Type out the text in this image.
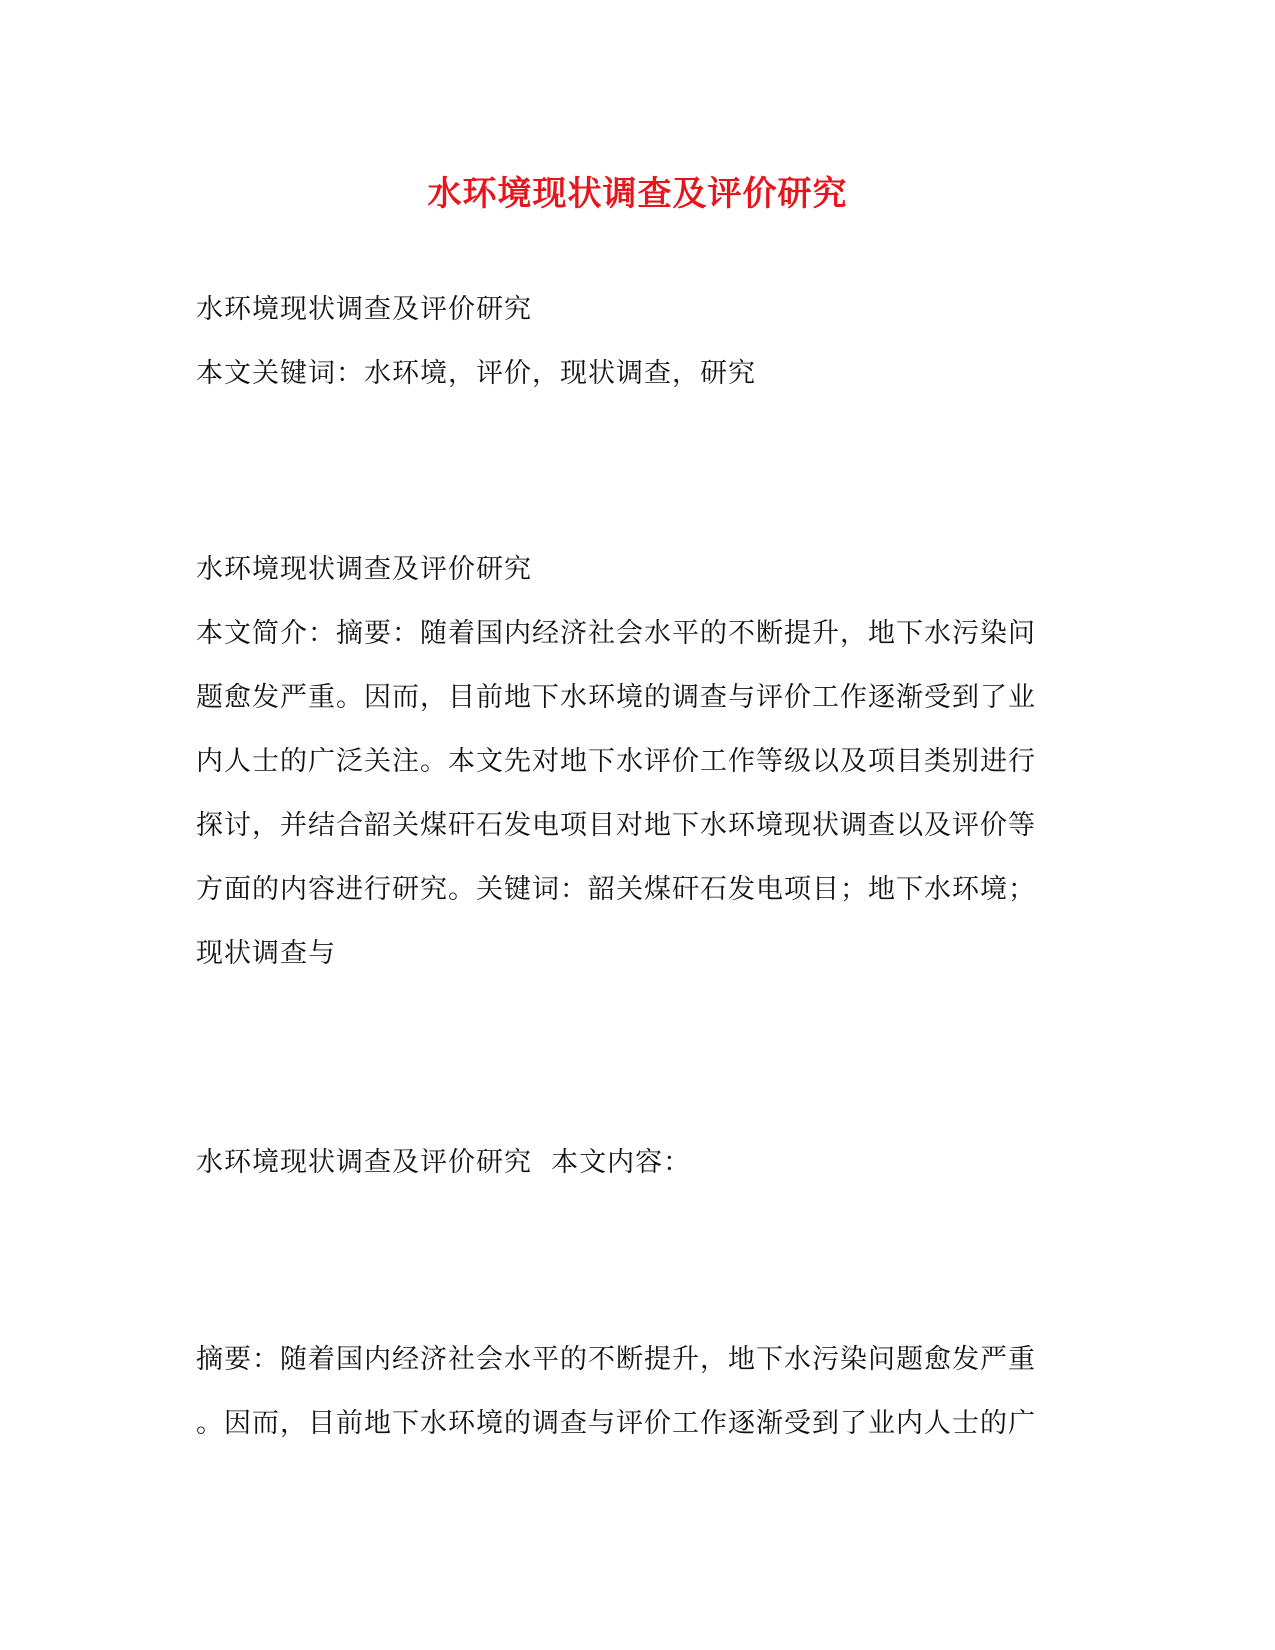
水环境现状调查及评价研究
水环境现状调查及评价研究
本文关键词：水环境，评价，现状调查，研究
水环境现状调查及评价研究
本文简介：摘要：随着国内经济社会水平的不断提升，地下水污染问
题愈发严重。因而，目前地下水环境的调查与评价工作逐渐受到了业
内人士的广泛关注。本文先对地下水评价工作等级以及项目类别进行
探讨，并结合韶关煤矸石发电项目对地下水环境现状调查以及评价等
方面的内容进行研究。关键词：韶关煤矸石发电项目；地下水环境；
现状调查与
水环境现状调查及评价研究  本文内容：
摘要：随着国内经济社会水平的不断提升，地下水污染问题愈发严重
。因而，目前地下水环境的调查与评价工作逐渐受到了业内人士的广
